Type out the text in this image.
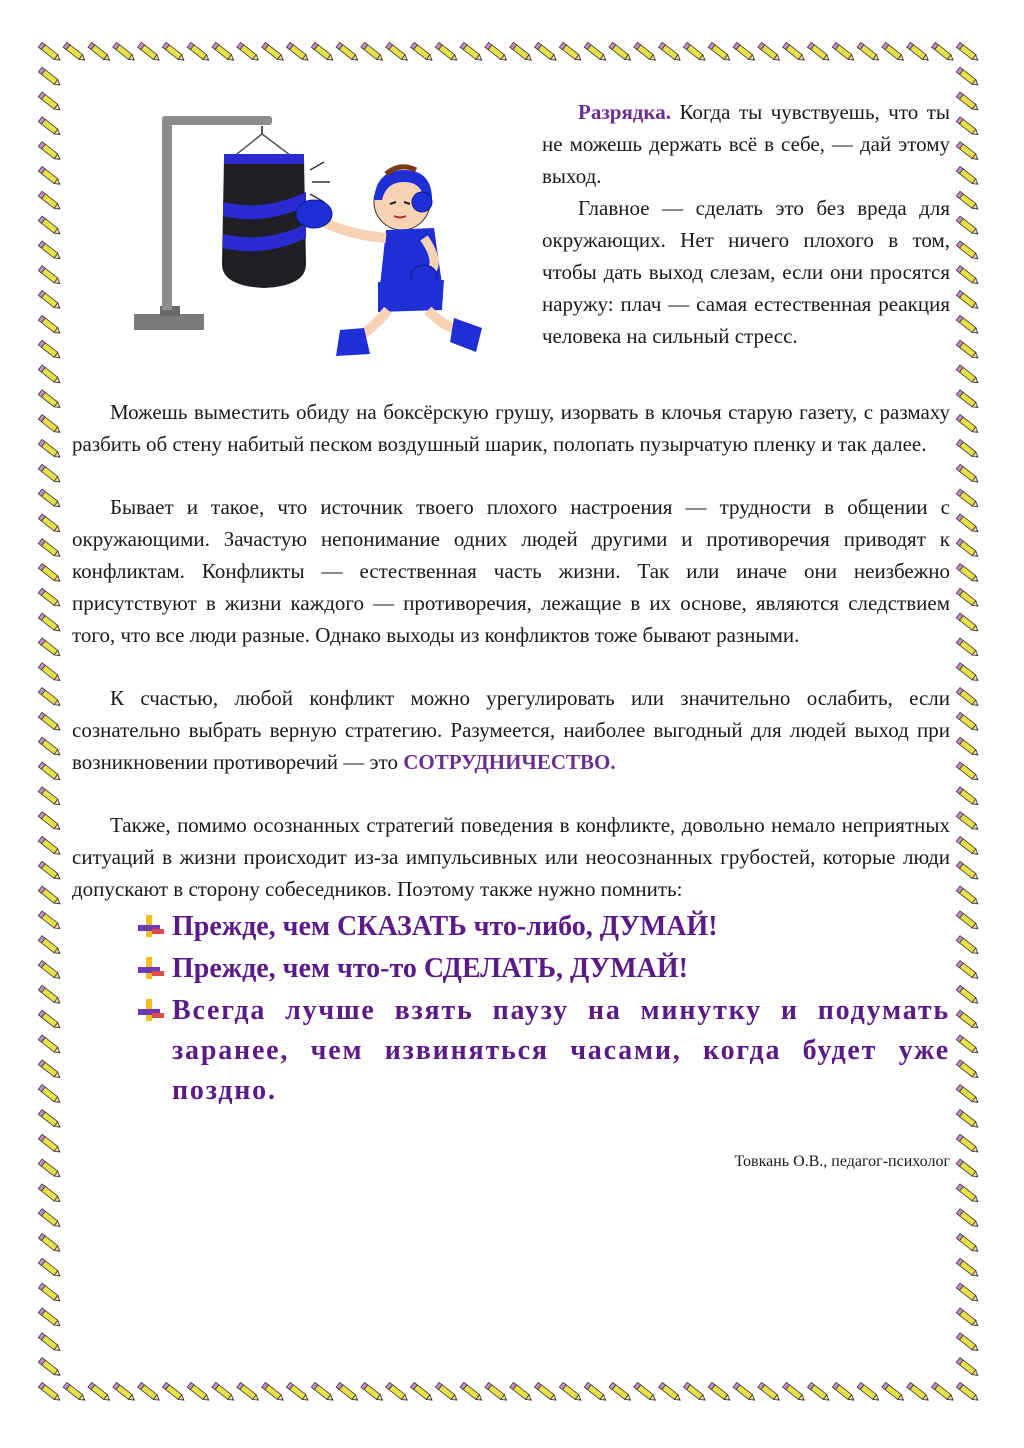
Разрядка. Когда ты чувствуешь, что ты не можешь держать всё в себе, — дай этому выход.

Главное — сделать это без вреда для окружающих. Нет ничего плохого в том, чтобы дать выход слезам, если они просятся наружу: плач — самая естественная реакция человека на сильный стресс.

Можешь выместить обиду на боксёрскую грушу, изорвать в клочья старую газету, с размаху разбить об стену набитый песком воздушный шарик, полопать пузырчатую пленку и так далее.

Бывает и такое, что источник твоего плохого настроения — трудности в общении с окружающими. Зачастую непонимание одних людей другими и противоречия приводят к конфликтам. Конфликты — естественная часть жизни. Так или иначе они неизбежно присутствуют в жизни каждого — противоречия, лежащие в их основе, являются следствием того, что все люди разные. Однако выходы из конфликтов тоже бывают разными.

К счастью, любой конфликт можно урегулировать или значительно ослабить, если сознательно выбрать верную стратегию. Разумеется, наиболее выгодный для людей выход при возникновении противоречий — это СОТРУДНИЧЕСТВО.

Также, помимо осознанных стратегий поведения в конфликте, довольно немало неприятных ситуаций в жизни происходит из-за импульсивных или неосознанных грубостей, которые люди допускают в сторону собеседников. Поэтому также нужно помнить:

Прежде, чем СКАЗАТЬ что-либо, ДУМАЙ!
Прежде, чем что-то СДЕЛАТЬ, ДУМАЙ!
Всегда лучше взять паузу на минутку и подумать заранее, чем извиняться часами, когда будет уже поздно.
Товкань О.В., педагог-психолог
